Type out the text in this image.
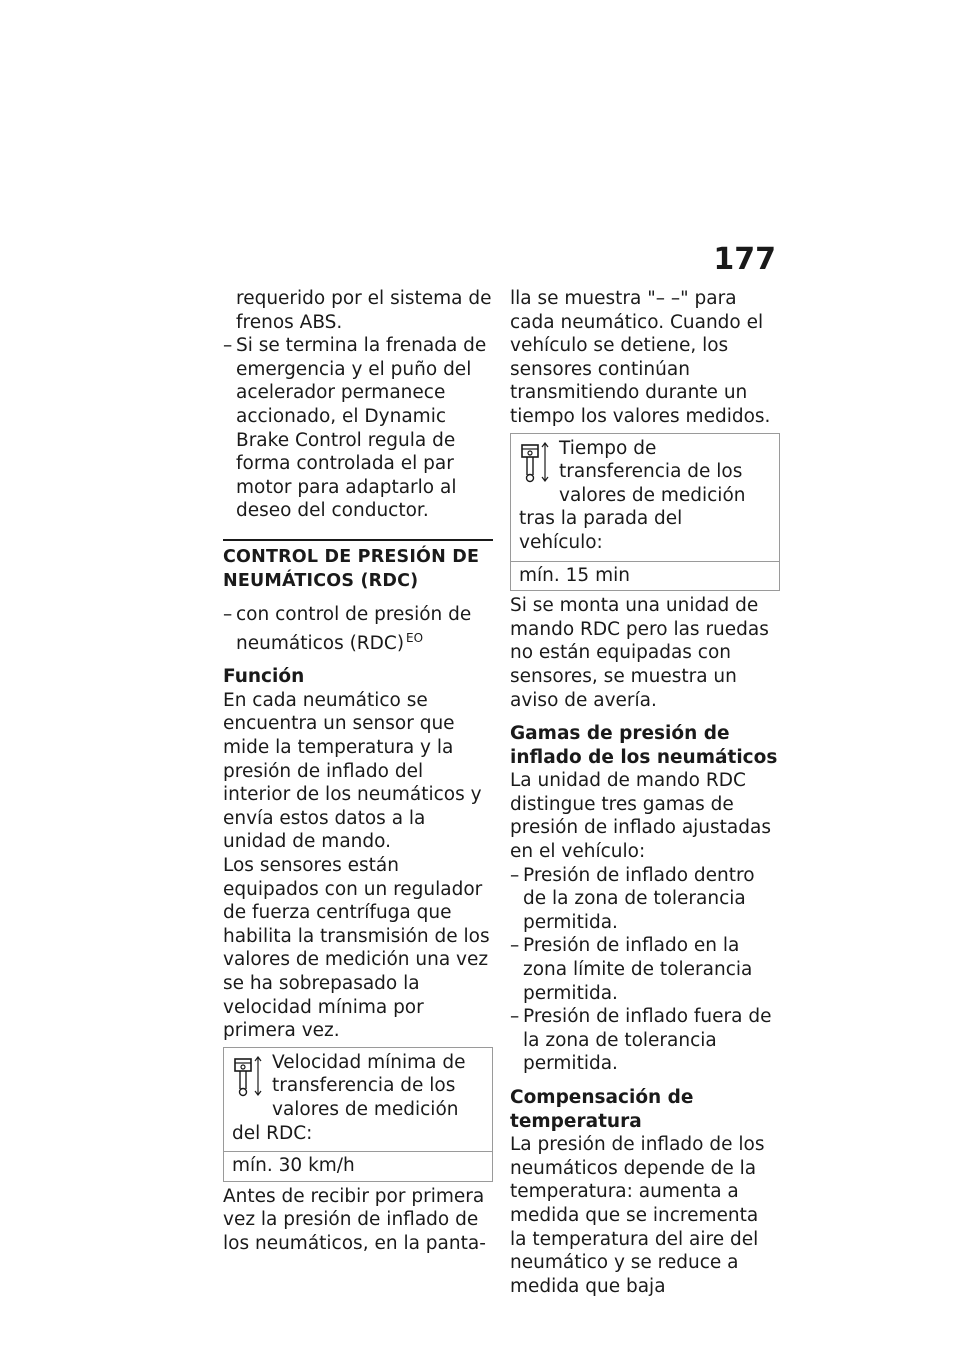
177

requerido por el sistema de

frenos ABS.

– Si se termina la frenada de emergencia y el puño del acelerador permanece accionado, el Dynamic Brake Control regula de forma controlada el par motor para adaptarlo al deseo del conductor.
CONTROL DE PRESIÓN DE
NEUMÁTICOS (RDC)
– con control de presión de neumáticos (RDC) $^{EO}$

Función

En cada neumático se encuentra un sensor que mide la temperatura y la presión de inflado del interior de los neumáticos y envía estos datos a la unidad de mando.

Los sensores están equipados con un regulador de fuerza centrífuga que habilita la transmisión de los valores de medición una vez se ha sobrepasado la velocidad mínima por primera vez.

Velocidad mínima de transferencia de los valores de medición del RDC:
mín. 30 km/h

Antes de recibir por primera vez la presión de inflado de los neumáticos, en la panta-

lla se muestra "– –" para cada neumático. Cuando el vehículo se detiene, los sensores continúan transmitiendo durante un tiempo los valores medidos.

Tiempo de transferencia de los valores de medición tras la parada del vehículo:
mín. 15 min

Si se monta una unidad de mando RDC pero las ruedas no están equipadas con sensores, se muestra un aviso de avería.

Gamas de presión de inflado de los neumáticos

La unidad de mando RDC distingue tres gamas de presión de inflado ajustadas en el vehículo:

– Presión de inflado dentro de la zona de tolerancia permitida.
– Presión de inflado en la zona límite de tolerancia permitida.
– Presión de inflado fuera de la zona de tolerancia permitida.

Compensación de temperatura

La presión de inflado de los neumáticos depende de la temperatura: aumenta a medida que se incrementa la temperatura del aire del neumático y se reduce a medida que baja
